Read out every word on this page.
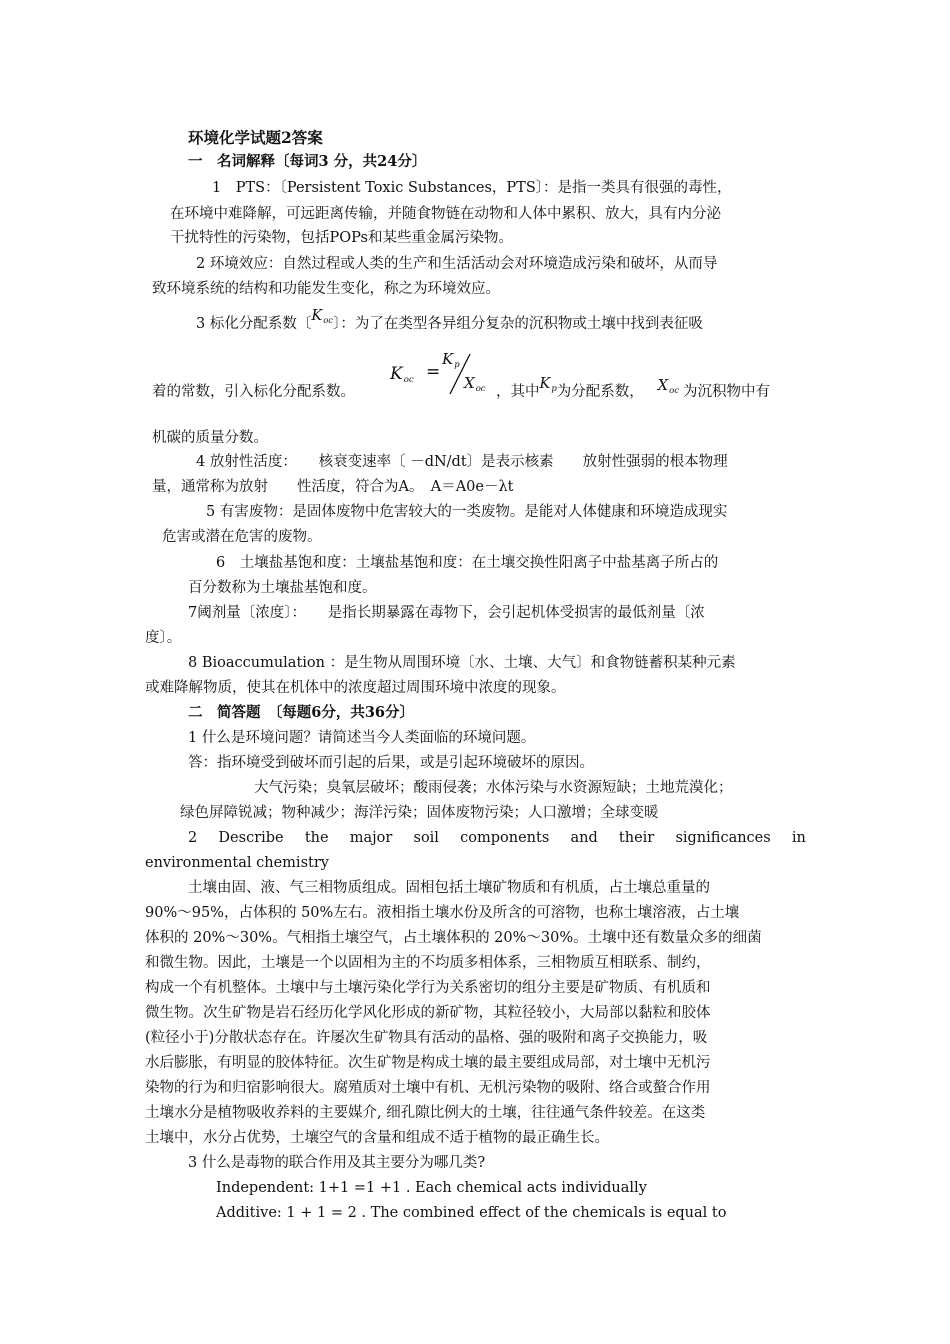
环境化学试题2答案
一　名词解释〔每词3 分，共24分〕
1　PTS：〔Persistent Toxic Substances，PTS〕：是指一类具有很强的毒性，
在环境中难降解，可远距离传输，并随食物链在动物和人体中累积、放大，具有内分泌
干扰特性的污染物，包括POPs和某些重金属污染物。
2 环境效应：自然过程或人类的生产和生活活动会对环境造成污染和破坏，从而导
致环境系统的结构和功能发生变化，称之为环境效应。
3 标化分配系数〔$K_{oc}$〕：为了在类型各异组分复杂的沉积物或土壤中找到表征吸
着的常数，引入标化分配系数。
$K_{oc}$ =
$K_p$
$X_{oc}$ ，其中$K_p$为分配系数， $X_{oc}$ 为沉积物中有
机碳的质量分数。
4 放射性活度：　　核衰变速率〔 －dN/dt〕是表示核素　　放射性强弱的根本物理
量，通常称为放射　　性活度，符合为A。　A＝A0e－λt
5 有害废物：是固体废物中危害较大的一类废物。是能对人体健康和环境造成现实
危害或潜在危害的废物。
6　土壤盐基饱和度：土壤盐基饱和度：在土壤交换性阳离子中盐基离子所占的
百分数称为土壤盐基饱和度。
7阈剂量〔浓度〕：　　是指长期暴露在毒物下，会引起机体受损害的最低剂量〔浓
度〕。
8 Bioaccumulation ：是生物从周围环境〔水、土壤、大气〕和食物链蓄积某种元素
或难降解物质，使其在机体中的浓度超过周围环境中浓度的现象。
二　简答题　〔每题6分，共36分〕
1 什么是环境问题？请简述当今人类面临的环境问题。
答：指环境受到破坏而引起的后果，或是引起环境破坏的原因。
大气污染；臭氧层破坏；酸雨侵袭；水体污染与水资源短缺；土地荒漠化；
绿色屏障锐减；物种减少；海洋污染；固体废物污染；人口激增；全球变暖
2 Describe the major soil components and their significances in
environmental chemistry
土壤由固、液、气三相物质组成。固相包括土壤矿物质和有机质，占土壤总重量的
90%～95%，占体积的 50%左右。液相指土壤水份及所含的可溶物，也称土壤溶液，占土壤
体积的 20%～30%。气相指土壤空气，占土壤体积的 20%～30%。土壤中还有数量众多的细菌
和微生物。因此，土壤是一个以固相为主的不均质多相体系，三相物质互相联系、制约，
构成一个有机整体。土壤中与土壤污染化学行为关系密切的组分主要是矿物质、有机质和
微生物。次生矿物是岩石经历化学风化形成的新矿物，其粒径较小，大局部以黏粒和胶体
(粒径小于)分散状态存在。许屡次生矿物具有活动的晶格、强的吸附和离子交换能力，吸
水后膨胀，有明显的胶体特征。次生矿物是构成土壤的最主要组成局部，对土壤中无机污
染物的行为和归宿影响很大。腐殖质对土壤中有机、无机污染物的吸附、络合或螯合作用
土壤水分是植物吸收养料的主要媒介, 细孔隙比例大的土壤，往往通气条件较差。在这类
土壤中，水分占优势，土壤空气的含量和组成不适于植物的最正确生长。
3 什么是毒物的联合作用及其主要分为哪几类?
Independent: 1+1 =1 +1 . Each chemical acts individually
Additive: 1 + 1 = 2 . The combined effect of the chemicals is equal to
